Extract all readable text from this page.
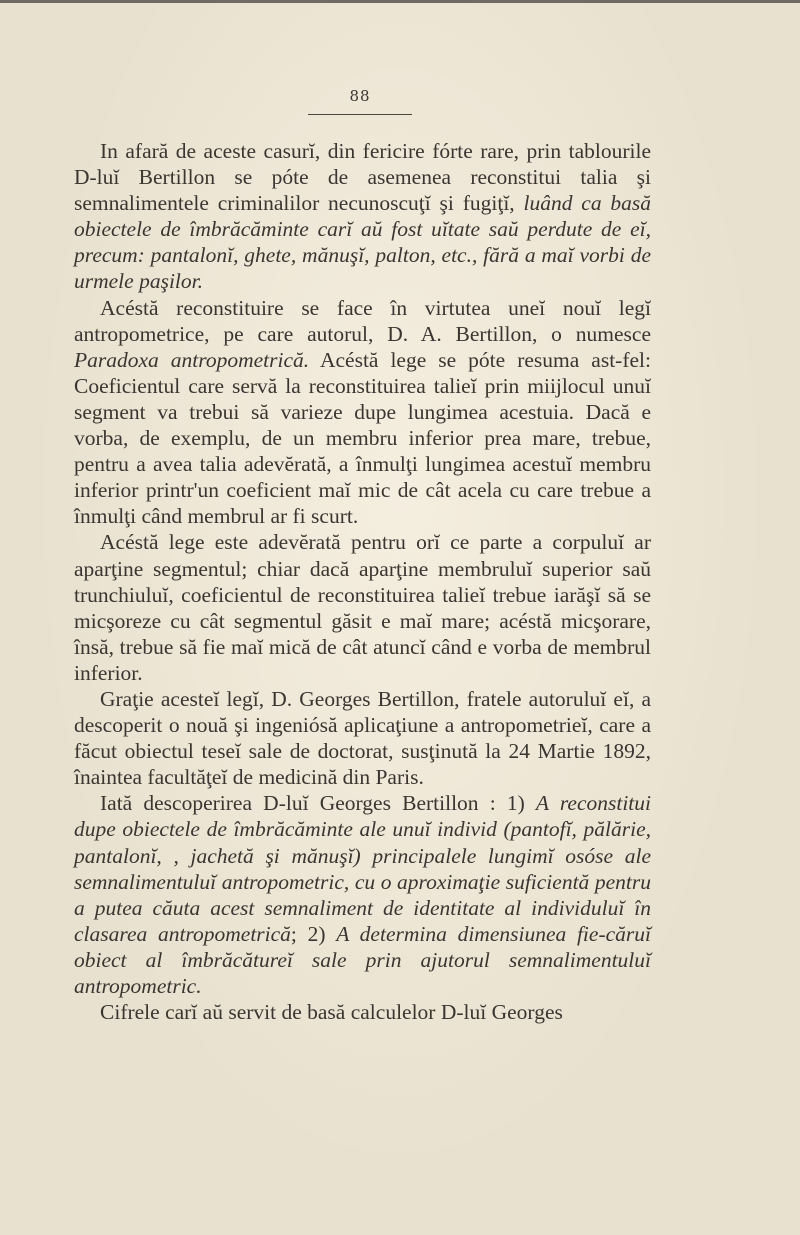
88

In afară de aceste casurĭ, din fericire fórte rare, prin tablourile D-luĭ Bertillon se póte de asemenea reconstitui talia şi semnalimentele criminalilor necunoscuţĭ şi fugiţĭ, luând ca basă obiectele de îmbrăcăminte carĭ aŭ fost uĭtate saŭ perdute de eĭ, precum: pantalonĭ, ghete, mănuşĭ, palton, etc., fără a maĭ vorbi de urmele paşilor.

Acéstă reconstituire se face în virtutea uneĭ nouĭ legĭ antropometrice, pe care autorul, D. A. Bertillon, o numesce Paradoxa antropometrică. Acéstă lege se póte resuma ast-fel: Coeficientul care servă la reconstituirea talieĭ prin miĳlocul unuĭ segment va trebui să varieze dupe lungimea acestuia. Dacă e vorba, de exemplu, de un membru inferior prea mare, trebue, pentru a avea talia adevĕrată, a înmulţi lungimea acestuĭ membru inferior printr'un coeficient maĭ mic de cât acela cu care trebue a înmulţi când membrul ar fi scurt.

Acéstă lege este adevĕrată pentru orĭ ce parte a corpuluĭ ar aparţine segmentul; chiar dacă aparţine membruluĭ superior saŭ trunchiuluĭ, coeficientul de reconstituirea talieĭ trebue iarăşĭ să se micşoreze cu cât segmentul găsit e maĭ mare; acéstă micşorare, însă, trebue să fie maĭ mică de cât atuncĭ când e vorba de membrul inferior.

Graţie acesteĭ legĭ, D. Georges Bertillon, fratele autoruluĭ eĭ, a descoperit o nouă şi ingeniósă aplicaţiune a antropometrieĭ, care a făcut obiectul teseĭ sale de doctorat, susţinută la 24 Martie 1892, înaintea facultăţeĭ de medicină din Paris.

Iată descoperirea D-luĭ Georges Bertillon : 1) A reconstitui dupe obiectele de îmbrăcăminte ale unuĭ individ (pantofĭ, pălărie, pantalonĭ, , jachetă şi mănuşĭ) principalele lungimĭ osóse ale semnalimentuluĭ antropometric, cu o aproximaţie suficientă pentru a putea căuta acest semnaliment de identitate al individuluĭ în clasarea antropometrică; 2) A determina dimensiunea fie-căruĭ obiect al îmbrăcătureĭ sale prin ajutorul semnalimentuluĭ antropometric.

Cifrele carĭ aŭ servit de basă calculelor D-luĭ Georges
